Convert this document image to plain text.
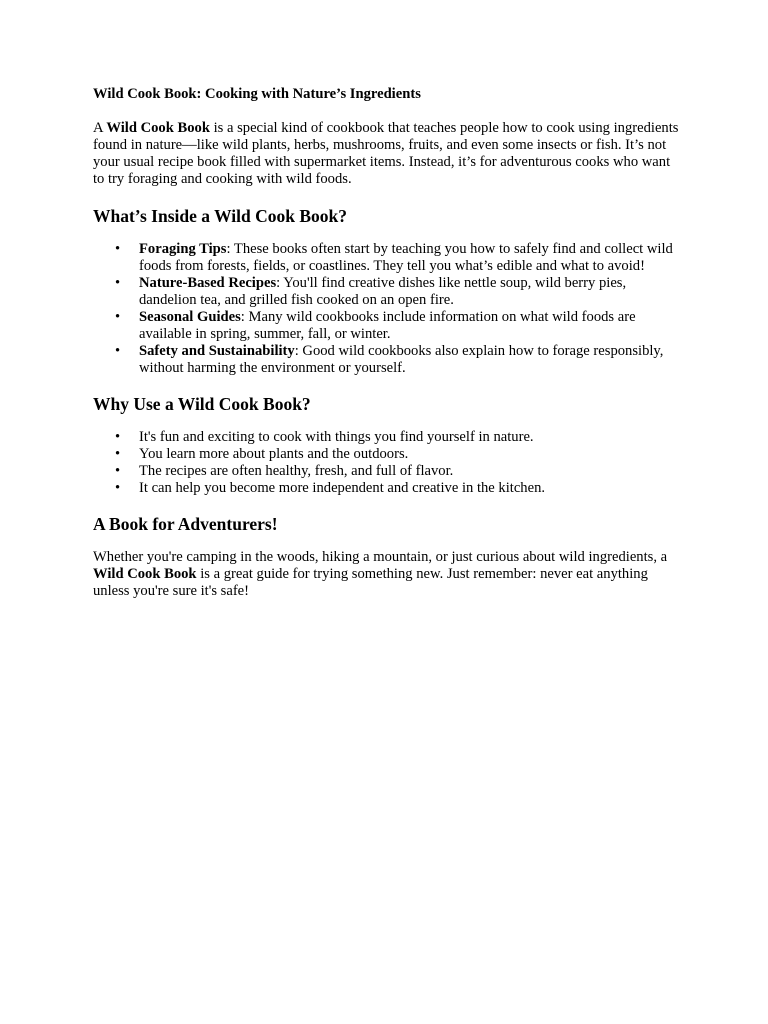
Wild Cook Book: Cooking with Nature’s Ingredients

A Wild Cook Book is a special kind of cookbook that teaches people how to cook using ingredients found in nature—like wild plants, herbs, mushrooms, fruits, and even some insects or fish. It’s not your usual recipe book filled with supermarket items. Instead, it’s for adventurous cooks who want to try foraging and cooking with wild foods.

What’s Inside a Wild Cook Book?
• Foraging Tips: These books often start by teaching you how to safely find and collect wild foods from forests, fields, or coastlines. They tell you what’s edible and what to avoid!
• Nature-Based Recipes: You'll find creative dishes like nettle soup, wild berry pies, dandelion tea, and grilled fish cooked on an open fire.
• Seasonal Guides: Many wild cookbooks include information on what wild foods are available in spring, summer, fall, or winter.
• Safety and Sustainability: Good wild cookbooks also explain how to forage responsibly, without harming the environment or yourself.
Why Use a Wild Cook Book?
• It's fun and exciting to cook with things you find yourself in nature.
• You learn more about plants and the outdoors.
• The recipes are often healthy, fresh, and full of flavor.
• It can help you become more independent and creative in the kitchen.
A Book for Adventurers!

Whether you're camping in the woods, hiking a mountain, or just curious about wild ingredients, a Wild Cook Book is a great guide for trying something new. Just remember: never eat anything unless you're sure it's safe!
